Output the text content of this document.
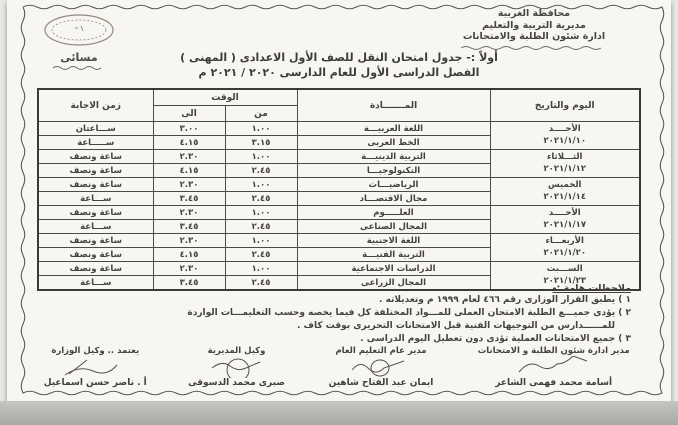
مسائى
محافظة الغربية
مديرية التربية والتعليم
ادارة شئون الطلبة والامتحانات
أولاً :- جدول امتحان النقل للصف الأول الاعدادى ( المهنى )
الفصل الدراسى الأول للعام الدارسى ٢٠٢٠ / ٢٠٢١ م
اليوم والتاريخ	المـــــــادة	الوقت		زمن الاجابة
		من	الى	

الأحــــد
٢٠٢١/١/١٠	اللغة العربيـــة	١.٠٠	٣.٠٠	ســـاعتان
	الخط العربى	٣.١٥	٤.١٥	ســـــاعة

الثـــلاثاء
٢٠٢١/١/١٢	التربية الدينيـــة	١.٠٠	٢.٣٠	ساعة ونصف
	التكنولوجيـــا	٢.٤٥	٤.١٥	ساعة ونصف

الخميس
٢٠٢١/١/١٤	الرياضيـــات	١.٠٠	٢.٣٠	ساعة ونصف
	مجال الاقتصـــاد	٢.٤٥	٣.٤٥	ســـاعة

الأحــــد
٢٠٢١/١/١٧	العلـــــوم	١.٠٠	٢.٣٠	ساعة ونصف
	المجال الصناعى	٢.٤٥	٣.٤٥	ســـاعة

الأربعـــاء
٢٠٢١/١/٢٠	اللغة الاجنبية	١.٠٠	٢.٣٠	ساعة ونصف
	التربية الفنيـــة	٢.٤٥	٤.١٥	ساعة ونصف

الســـبت
٢٠٢١/١/٢٣	الدراسات الاجتماعية	١.٠٠	٢.٣٠	ساعة ونصف
	المجال الزراعى	٢.٤٥	٣.٤٥	ســـاعة
ملاحظات هامة :-
١ ) يطبق القرار الوزارى رقم ٤٦٦ لعام ١٩٩٩ م وتعديلاته .
٢ ) يؤدى جميـــع الطلبة الامتحان العملى للمـــواد المختلفة كل فيما يخصه وحسب التعليمـــات الواردة
للمــــــدارس من التوجيهات الفنية قبل الامتحانات التحريرى بوقت كاف .
٣ ) جميع الامتحانات العملية تؤدى دون تعطيل اليوم الدراسى .
مدير ادارة شئون الطلبة و الامتحانات
أسامة محمد فهمى الشاعر
مدير عام التعليم العام
ايمان عبد الفتاح شاهين
وكيل المديرية
صبرى محمد الدسوقى
يعتمد .. وكيل الوزارة
أ . ناصر حسن اسماعيل
